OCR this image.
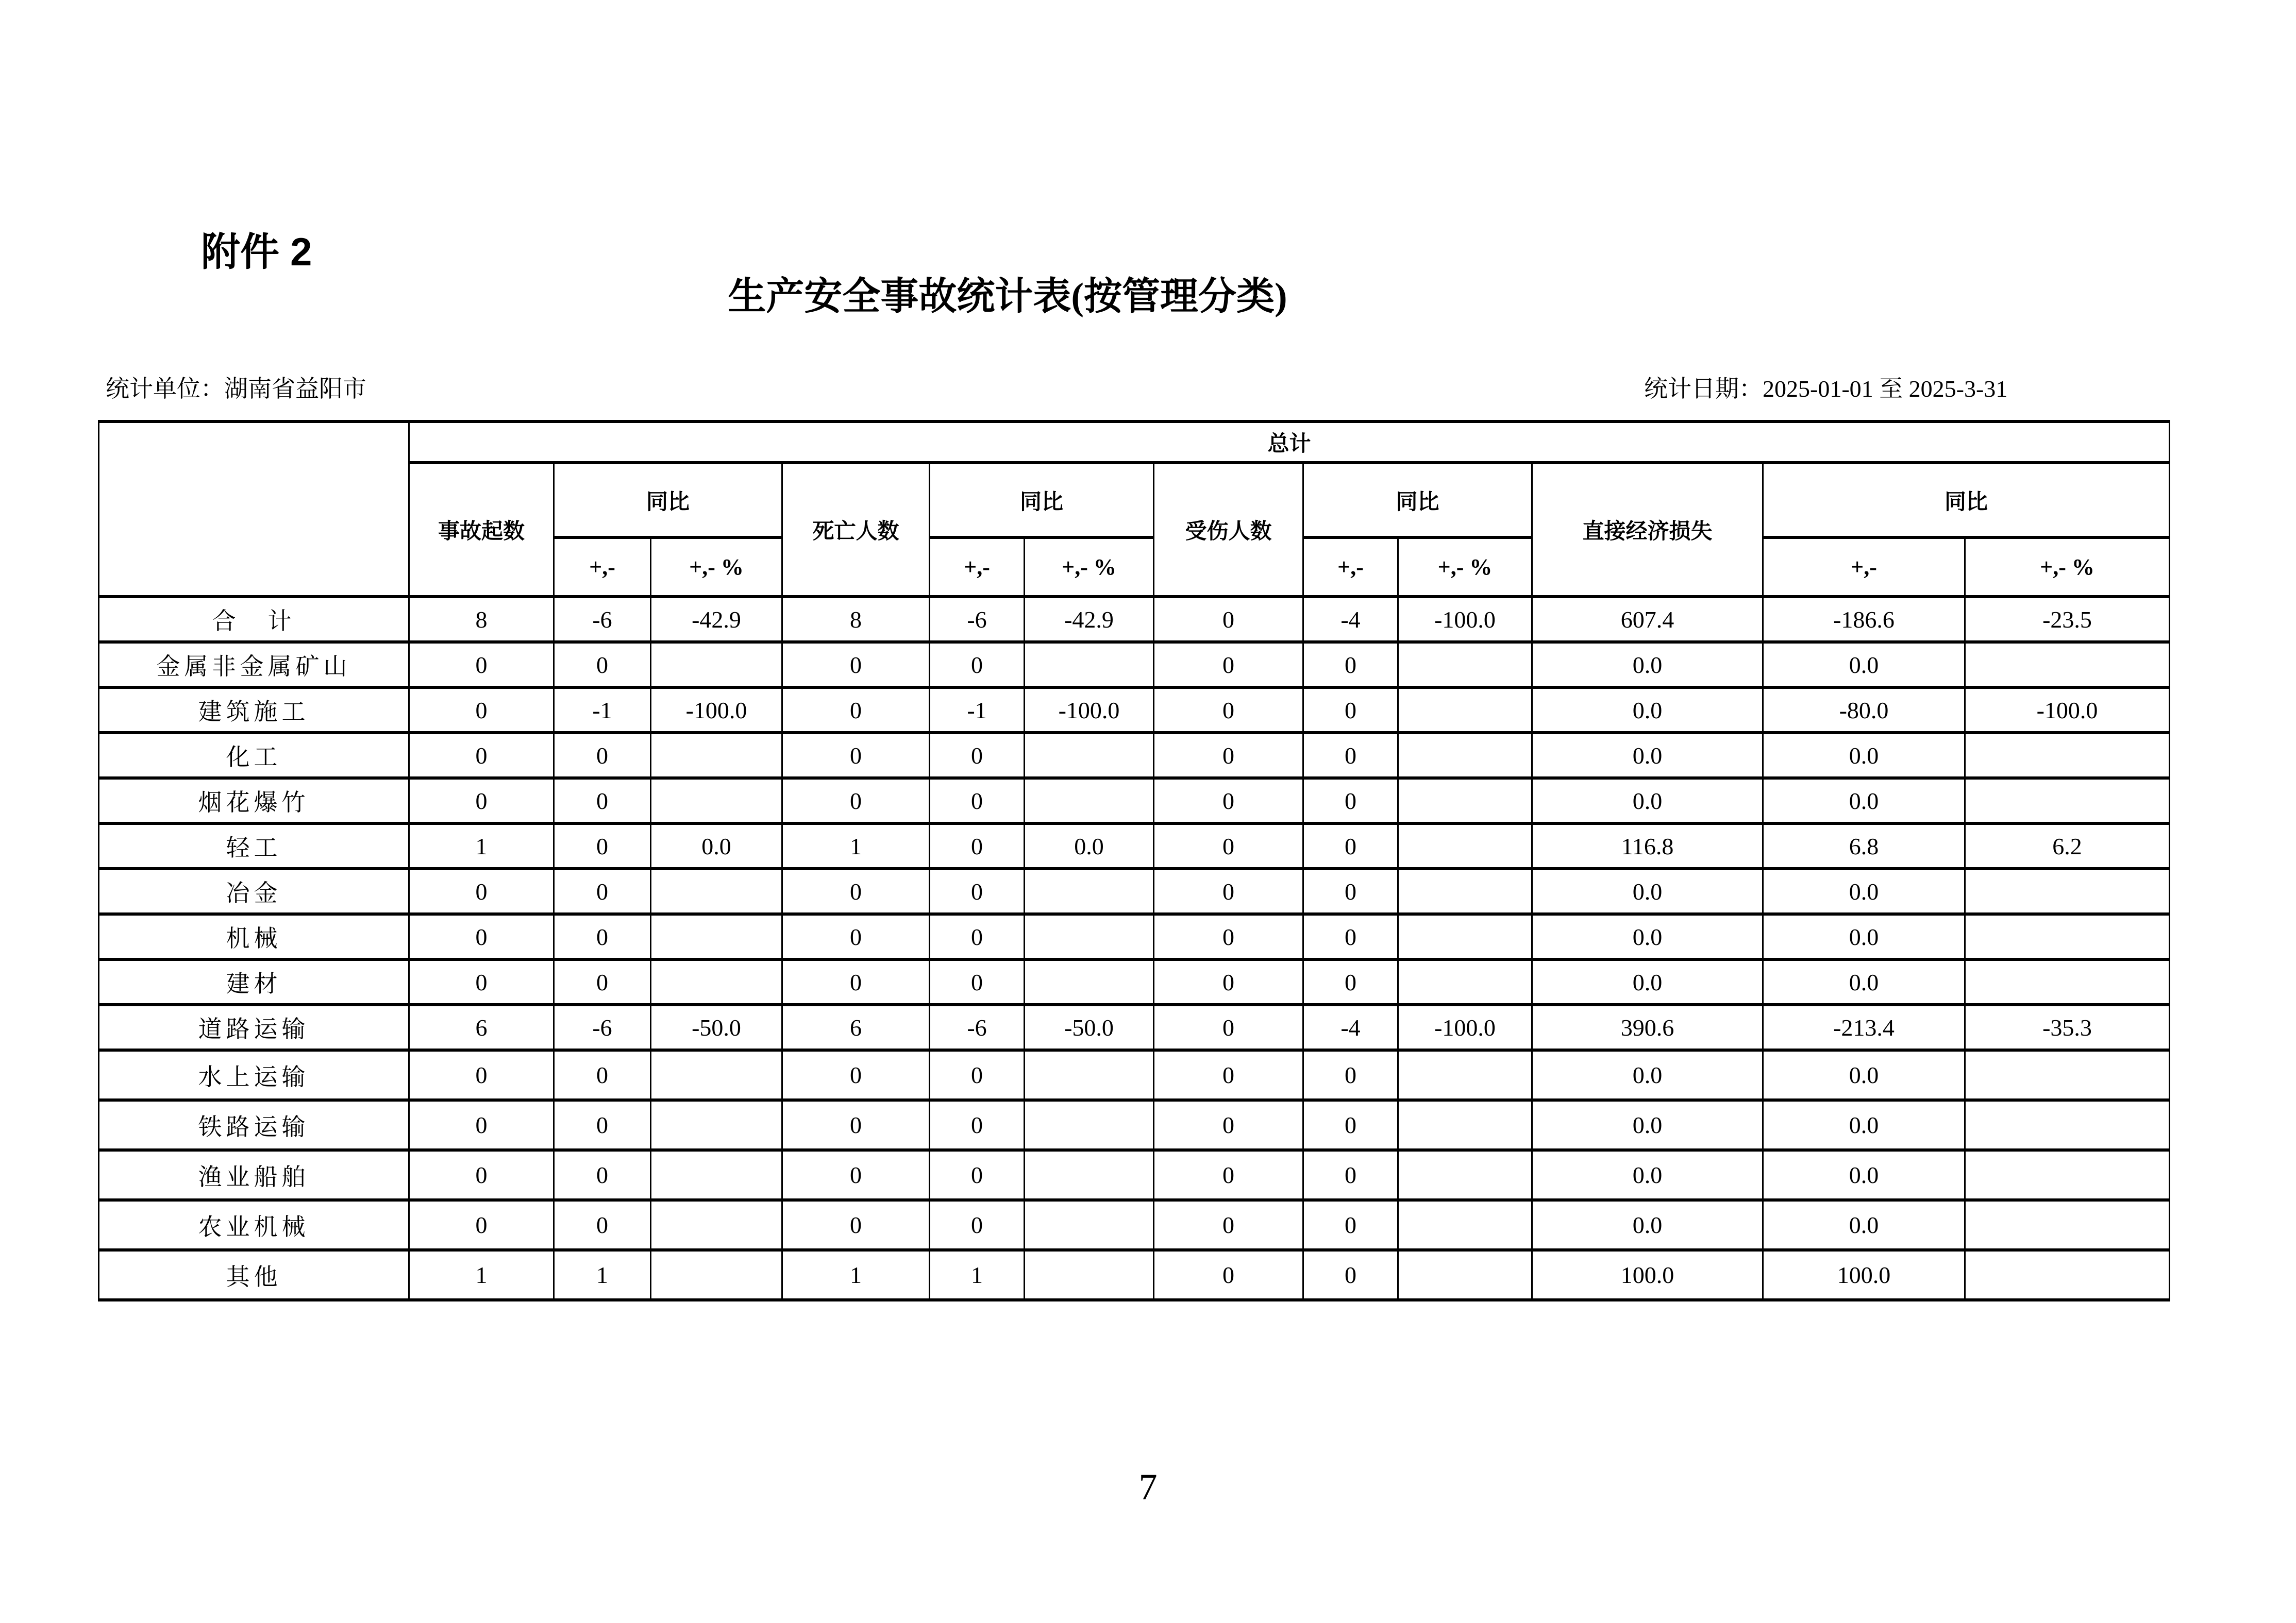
附件 2
生产安全事故统计表(按管理分类)
统计单位：湖南省益阳市	统计日期：2025-01-01 至 2025-3-31
	总计											
	事故起数	同比		死亡人数	同比		受伤人数	同比		直接经济损失	同比	
		+,-	+,- %		+,-	+,- %		+,-	+,- %		+,-	+,- %
合　计	8	-6	-42.9	8	-6	-42.9	0	-4	-100.0	607.4	-186.6	-23.5
金属非金属矿山	0	0		0	0		0	0		0.0	0.0	
建筑施工	0	-1	-100.0	0	-1	-100.0	0	0		0.0	-80.0	-100.0
化工	0	0		0	0		0	0		0.0	0.0	
烟花爆竹	0	0		0	0		0	0		0.0	0.0	
轻工	1	0	0.0	1	0	0.0	0	0		116.8	6.8	6.2
冶金	0	0		0	0		0	0		0.0	0.0	
机械	0	0		0	0		0	0		0.0	0.0	
建材	0	0		0	0		0	0		0.0	0.0	
道路运输	6	-6	-50.0	6	-6	-50.0	0	-4	-100.0	390.6	-213.4	-35.3
水上运输	0	0		0	0		0	0		0.0	0.0	
铁路运输	0	0		0	0		0	0		0.0	0.0	
渔业船舶	0	0		0	0		0	0		0.0	0.0	
农业机械	0	0		0	0		0	0		0.0	0.0	
其他	1	1		1	1		0	0		100.0	100.0	
7
